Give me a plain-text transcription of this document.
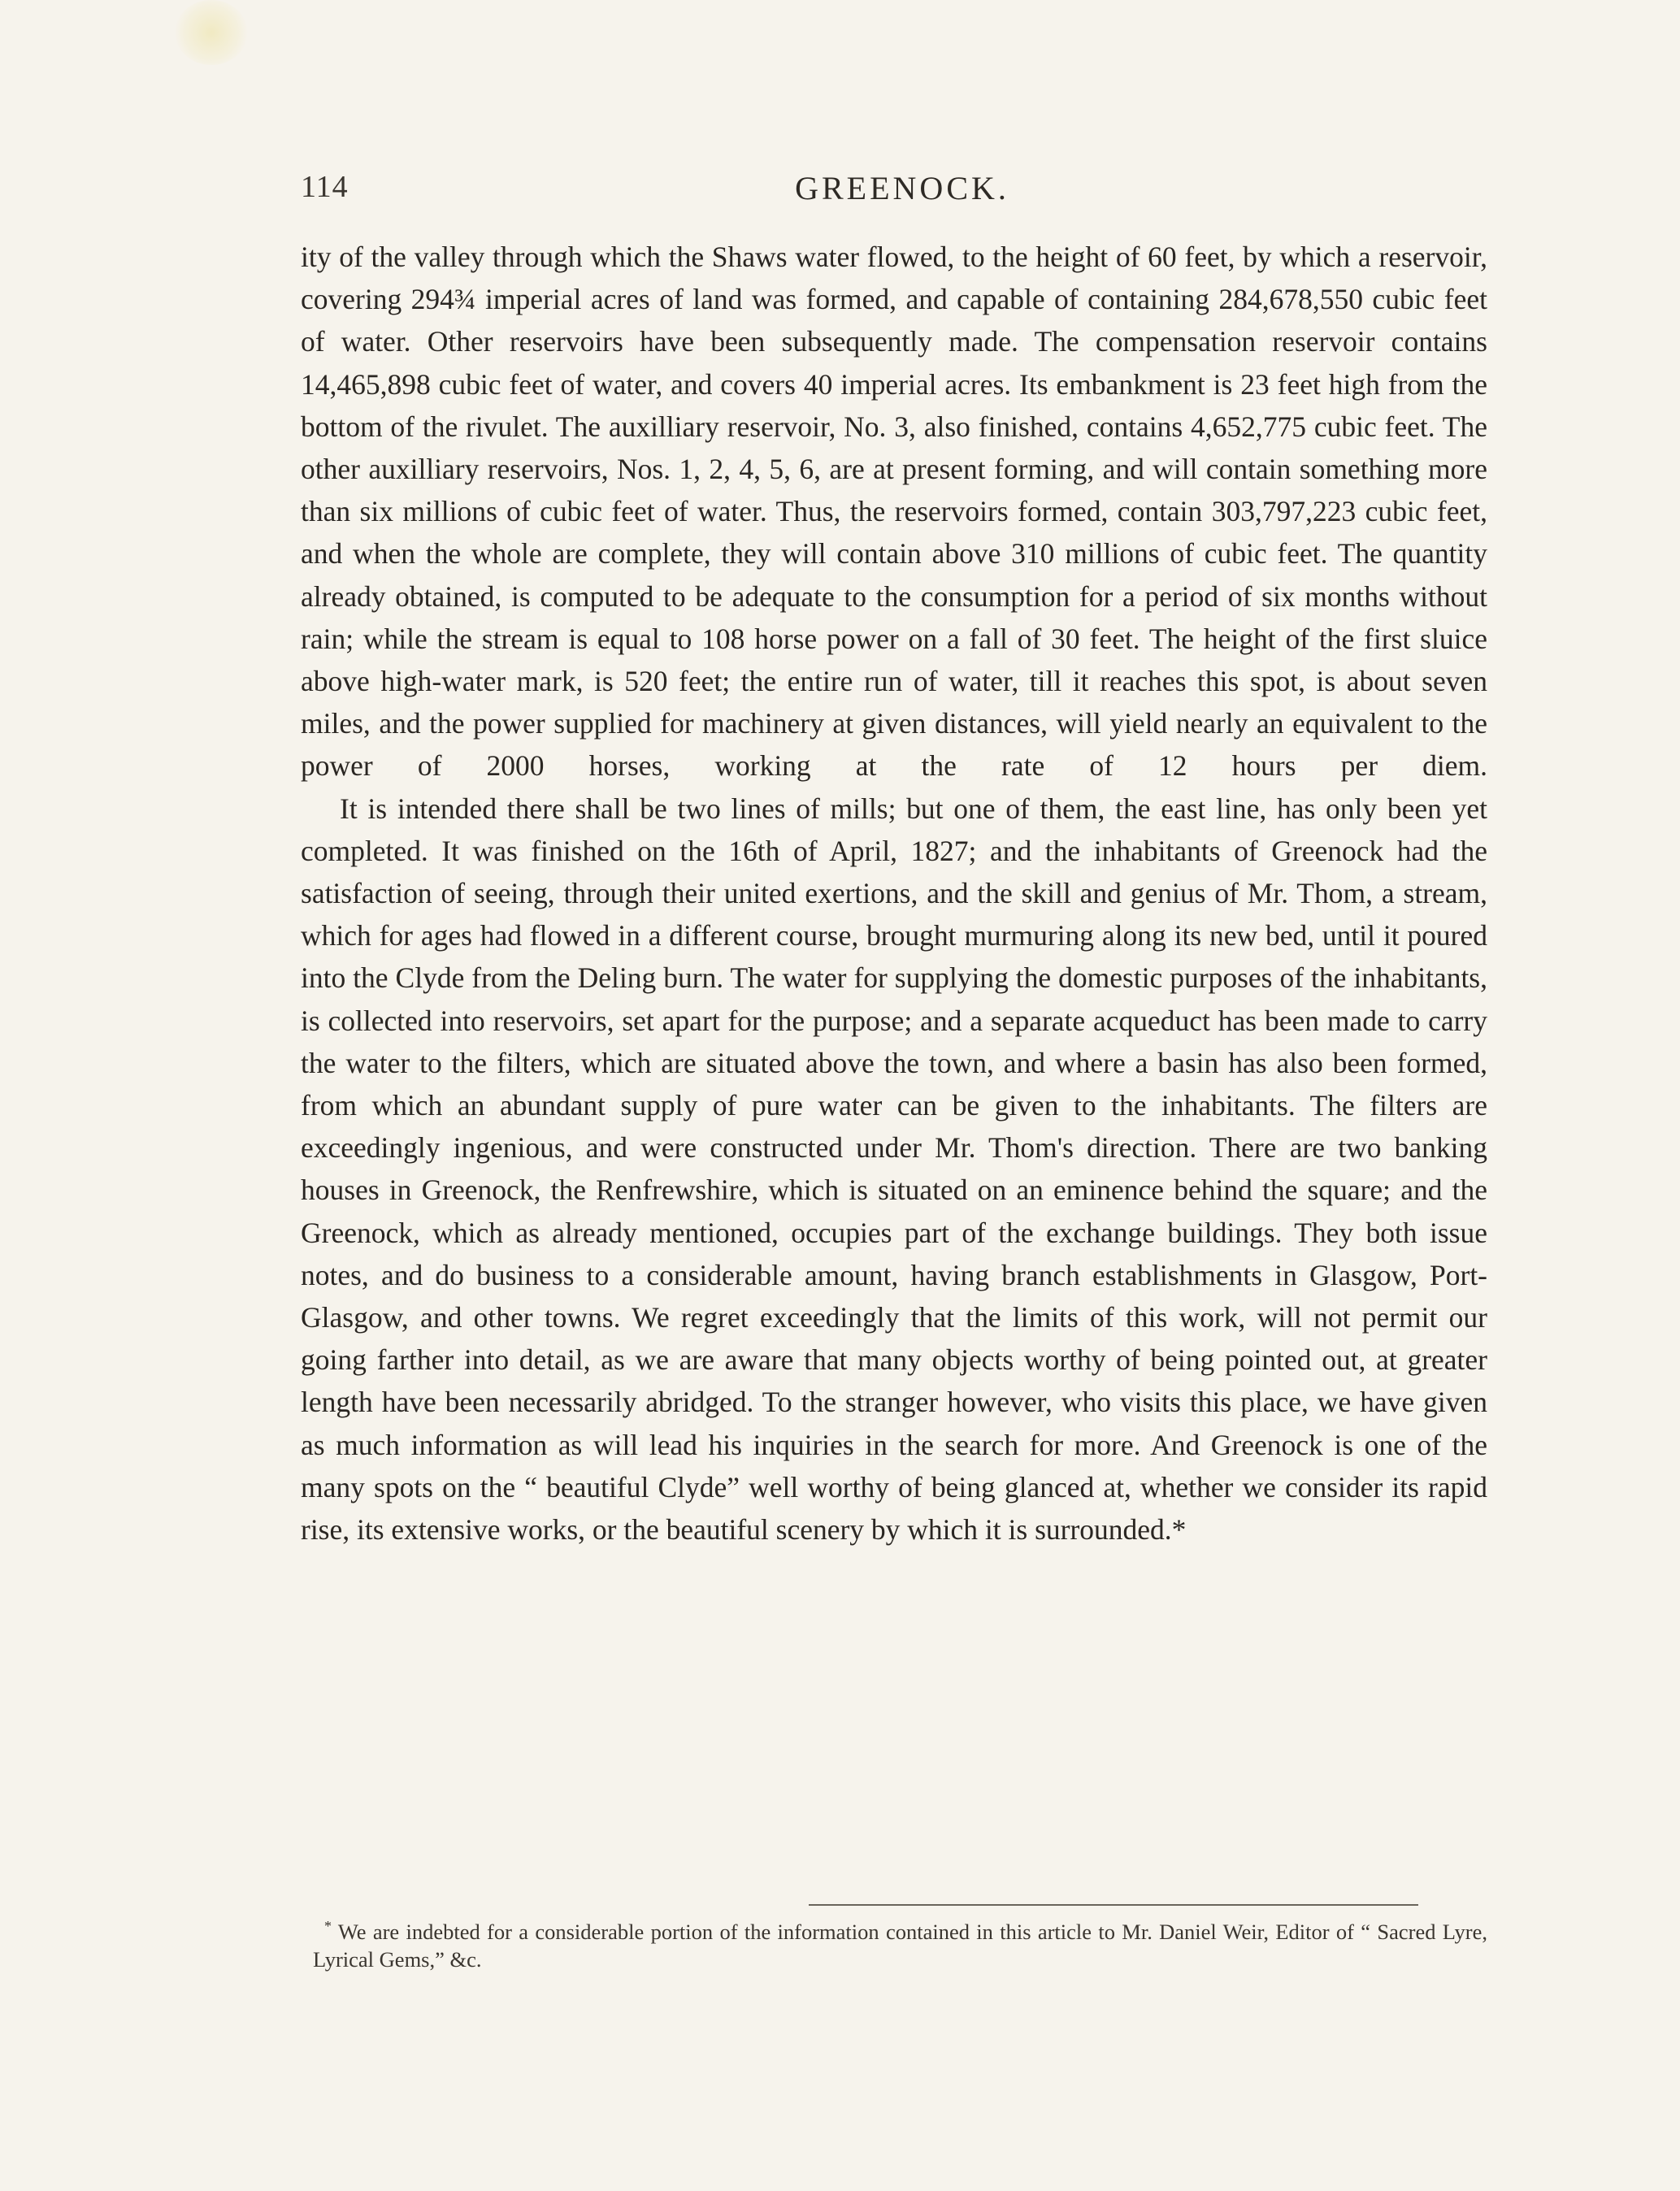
114	GREENOCK.

ity of the valley through which the Shaws water flowed, to the height of 60 feet, by which a reservoir, covering 294¾ imperial acres of land was formed, and capable of containing 284,678,550 cubic feet of water. Other reservoirs have been subsequently made. The compensation reservoir contains 14,465,898 cubic feet of water, and covers 40 imperial acres. Its embankment is 23 feet high from the bottom of the rivulet. The auxilliary reservoir, No. 3, also finished, contains 4,652,775 cubic feet. The other auxilliary reservoirs, Nos. 1, 2, 4, 5, 6, are at present forming, and will contain something more than six millions of cubic feet of water. Thus, the reservoirs formed, contain 303,797,223 cubic feet, and when the whole are complete, they will contain above 310 millions of cubic feet. The quantity already obtained, is computed to be adequate to the consumption for a period of six months without rain; while the stream is equal to 108 horse power on a fall of 30 feet. The height of the first sluice above high-water mark, is 520 feet; the entire run of water, till it reaches this spot, is about seven miles, and the power supplied for machinery at given distances, will yield nearly an equivalent to the power of 2000 horses, working at the rate of 12 hours per diem.

It is intended there shall be two lines of mills; but one of them, the east line, has only been yet completed. It was finished on the 16th of April, 1827; and the inhabitants of Greenock had the satisfaction of seeing, through their united exertions, and the skill and genius of Mr. Thom, a stream, which for ages had flowed in a different course, brought murmuring along its new bed, until it poured into the Clyde from the Deling burn. The water for supplying the domestic purposes of the inhabitants, is collected into reservoirs, set apart for the purpose; and a separate acqueduct has been made to carry the water to the filters, which are situated above the town, and where a basin has also been formed, from which an abundant supply of pure water can be given to the inhabitants. The filters are exceedingly ingenious, and were constructed under Mr. Thom's direction. There are two banking houses in Greenock, the Renfrewshire, which is situated on an eminence behind the square; and the Greenock, which as already mentioned, occupies part of the exchange buildings. They both issue notes, and do business to a considerable amount, having branch establishments in Glasgow, Port-Glasgow, and other towns. We regret exceedingly that the limits of this work, will not permit our going farther into detail, as we are aware that many objects worthy of being pointed out, at greater length have been necessarily abridged. To the stranger however, who visits this place, we have given as much information as will lead his inquiries in the search for more. And Greenock is one of the many spots on the “ beautiful Clyde” well worthy of being glanced at, whether we consider its rapid rise, its extensive works, or the beautiful scenery by which it is surrounded.*

* We are indebted for a considerable portion of the information contained in this article to Mr. Daniel Weir, Editor of “ Sacred Lyre, Lyrical Gems,” &c.
